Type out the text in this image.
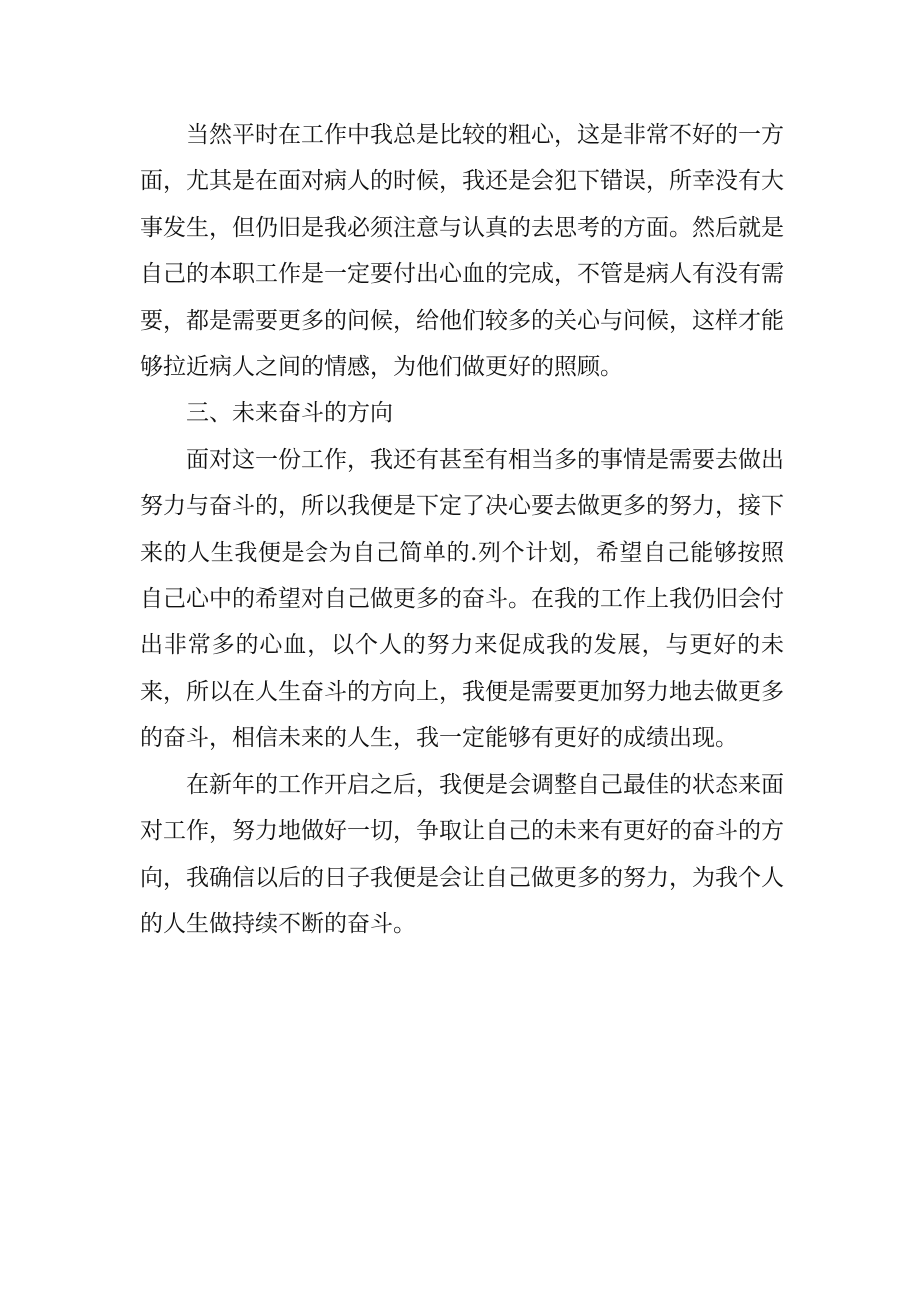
当然平时在工作中我总是比较的粗心，这是非常不好的一方面，尤其是在面对病人的时候，我还是会犯下错误，所幸没有大事发生，但仍旧是我必须注意与认真的去思考的方面。然后就是自己的本职工作是一定要付出心血的完成，不管是病人有没有需要，都是需要更多的问候，给他们较多的关心与问候，这样才能够拉近病人之间的情感，为他们做更好的照顾。

三、未来奋斗的方向

面对这一份工作，我还有甚至有相当多的事情是需要去做出努力与奋斗的，所以我便是下定了决心要去做更多的努力，接下来的人生我便是会为自己简单的.列个计划，希望自己能够按照自己心中的希望对自己做更多的奋斗。在我的工作上我仍旧会付出非常多的心血，以个人的努力来促成我的发展，与更好的未来，所以在人生奋斗的方向上，我便是需要更加努力地去做更多的奋斗，相信未来的人生，我一定能够有更好的成绩出现。

在新年的工作开启之后，我便是会调整自己最佳的状态来面对工作，努力地做好一切，争取让自己的未来有更好的奋斗的方向，我确信以后的日子我便是会让自己做更多的努力，为我个人的人生做持续不断的奋斗。
